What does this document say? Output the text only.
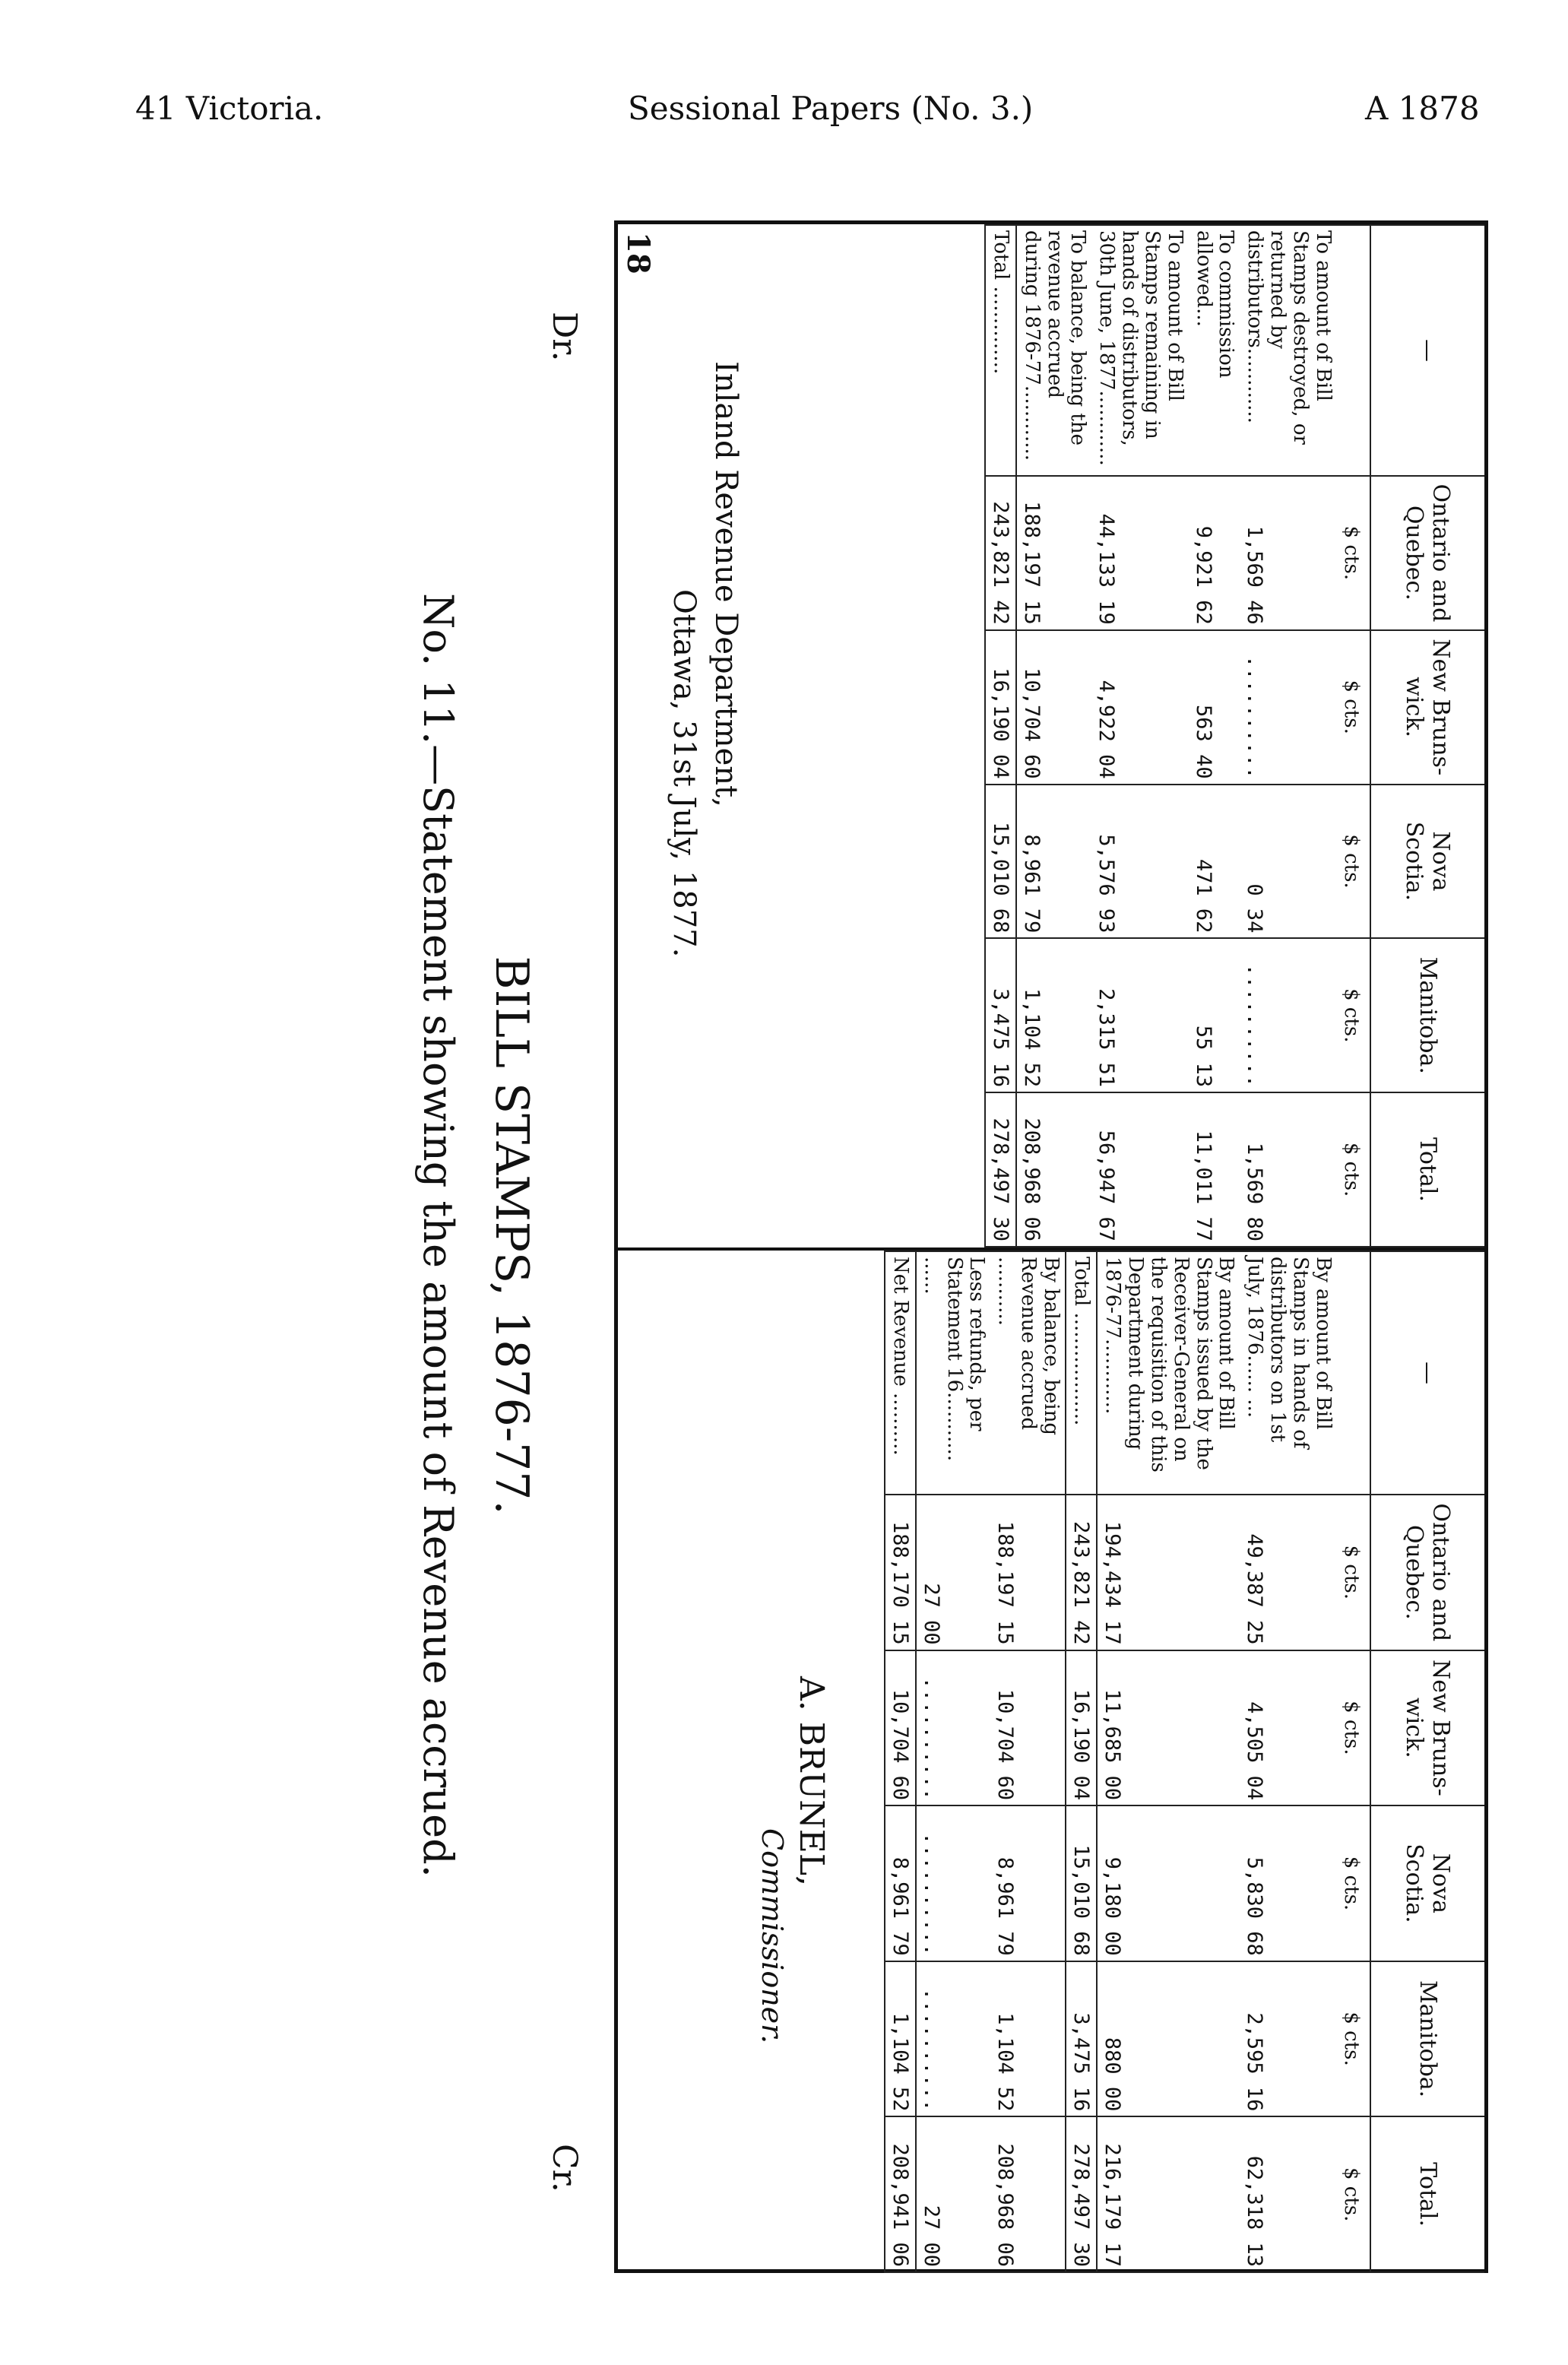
41 Victoria.	Sessional Papers (No. 3.)	A 1878
Dr.
Cr.
BILL STAMPS, 1876-77.
No. 11.—Statement showing the amount of Revenue accrued.
—	Ontario and Quebec.	New Bruns-wick.	Nova Scotia.	Manitoba.	Total.
	$ cts.	$ cts.	$ cts.	$ cts.	$ cts.
To amount of Bill Stamps destroyed, or returned by distributors............	1,569 46	..........	0 34	..........	1,569 80
To commission allowed...	9,921 62	563 40	471 62	55 13	11,011 77
To amount of Bill Stamps remaining in hands of distributors, 30th June, 1877............	44,133 19	4,922 04	5,576 93	2,315 51	56,947 67
To balance, being the revenue accrued during 1876-77............	188,197 15	10,704 60	8,961 79	1,104 52	208,968 06
Total ..............	243,821 42	16,190 04	15,010 68	3,475 16	278,497 30
—	Ontario and Quebec.	New Bruns-wick.	Nova Scotia.	Manitoba.	Total.
	$ cts.	$ cts.	$ cts.	$ cts.	$ cts.
By amount of Bill Stamps in hands of distributors on 1st July, 1876...... ...	49,387 25	4,505 04	5,830 68	2,595 16	62,318 13
By amount of Bill Stamps issued by the Receiver-General on the requisition of this Department during 1876-77............	194,434 17	11,685 00	9,180 00	880 00	216,179 17
Total ..................	243,821 42	16,190 04	15,010 68	3,475 16	278,497 30
By balance, being Revenue accrued ...........	188,197 15	10,704 60	8,961 79	1,104 52	208,968 06
Less refunds, per Statement 16........... ......	27 00	..........	..........	..........	27 00
Net Revenue ..........	188,170 15	10,704 60	8,961 79	1,104 52	208,941 06
A. BRUNEL,
Commissioner.
Inland Revenue Department,
Ottawa, 31st July, 1877.
18
